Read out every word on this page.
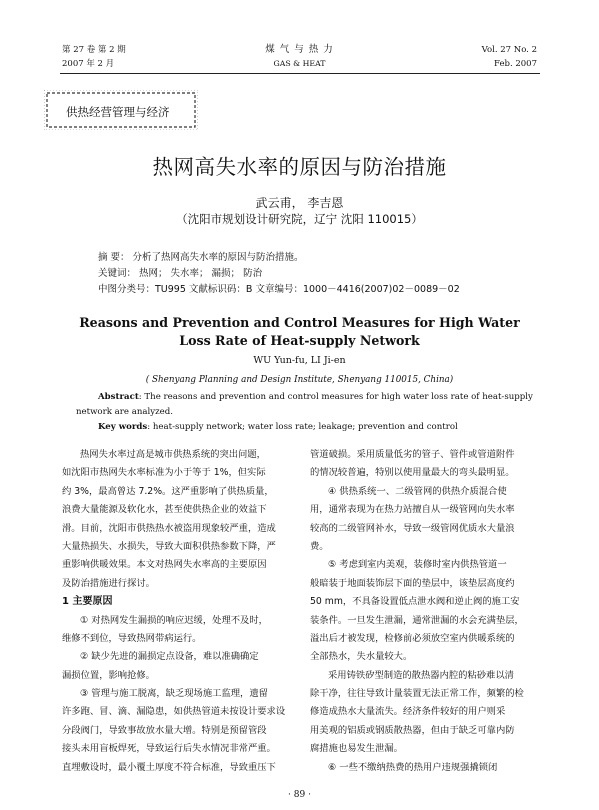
第 27 卷 第 2 期
2007 年 2 月
煤 气 与 热 力
GAS & HEAT
Vol. 27 No. 2
Feb. 2007
供热经营管理与经济
热网高失水率的原因与防治措施
武云甫， 李吉恩
（沈阳市规划设计研究院，辽宁 沈阳 110015）
摘 要： 分析了热网高失水率的原因与防治措施。
关键词： 热网； 失水率； 漏损； 防治
中图分类号：TU995 文献标识码：B 文章编号：1000－4416(2007)02－0089－02
Reasons and Prevention and Control Measures for High Water
Loss Rate of Heat-supply Network
WU Yun-fu, LI Ji-en
( Shenyang Planning and Design Institute, Shenyang 110015, China)
Abstract: The reasons and prevention and control measures for high water loss rate of heat-supply
network are analyzed.
Key words: heat-supply network; water loss rate; leakage; prevention and control
热网失水率过高是城市供热系统的突出问题，
如沈阳市热网失水率标准为小于等于 1%，但实际
约 3%，最高曾达 7.2%。这严重影响了供热质量，
浪费大量能源及软化水，甚至使供热企业的效益下
滑。目前，沈阳市供热热水被盗用现象较严重，造成
大量热损失、水损失，导致大面积供热参数下降，严
重影响供暖效果。本文对热网失水率高的主要原因
及防治措施进行探讨。
1 主要原因
① 对热网发生漏损的响应迟缓，处理不及时，
维修不到位，导致热网带病运行。
② 缺少先进的漏损定点设备，难以准确确定
漏损位置，影响抢修。
③ 管理与施工脱离，缺乏现场施工监理，遗留
许多跑、冒、滴、漏隐患，如供热管道未按设计要求设
分段阀门，导致事故放水量大增。特别是预留管段
接头未用盲板焊死，导致运行后失水情况非常严重。
直埋敷设时，最小覆土厚度不符合标准，导致重压下
管道破损。采用质量低劣的管子、管件或管道附件
的情况较普遍，特别以使用量最大的弯头最明显。
④ 供热系统一、二级管网的供热介质混合使
用，通常表现为在热力站擅自从一级管网向失水率
较高的二级管网补水，导致一级管网优质水大量浪
费。
⑤ 考虑到室内美观，装修时室内供热管道一
般暗装于地面装饰层下面的垫层中，该垫层高度约
50 mm，不具备设置低点泄水阀和逆止阀的施工安
装条件。一旦发生泄漏，通常泄漏的水会充满垫层，
溢出后才被发现，检修前必须放空室内供暖系统的
全部热水，失水量较大。
采用铸铁矽型制造的散热器内腔的粘砂难以清
除干净，往往导致计量装置无法正常工作，频繁的检
修造成热水大量流失。经济条件较好的用户则采
用美观的铝质或钢质散热器，但由于缺乏可靠内防
腐措施也易发生泄漏。
⑥ 一些不缴纳热费的热用户违规强撬锁闭
· 89 ·
